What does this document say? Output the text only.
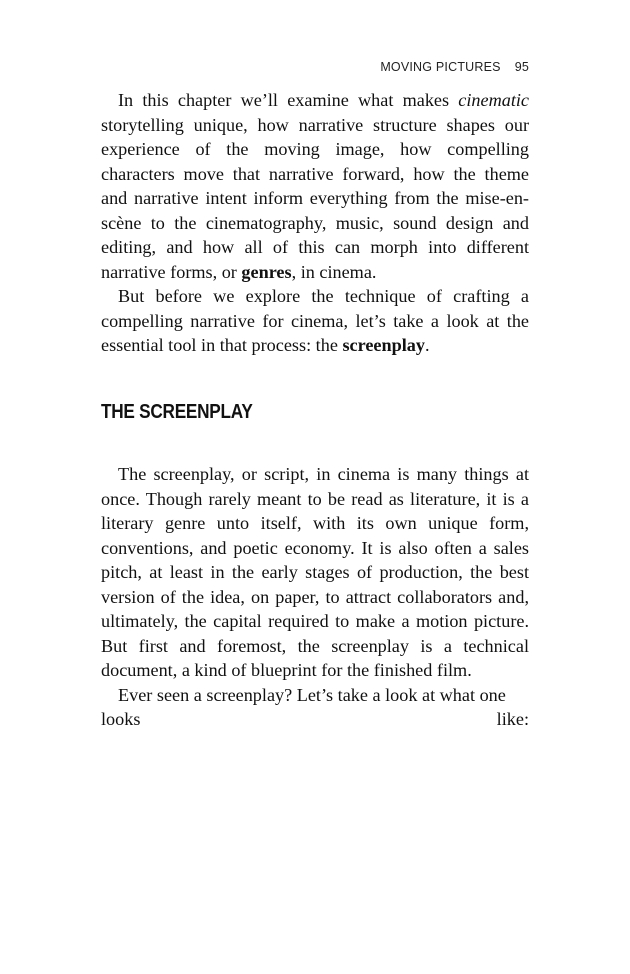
MOVING PICTURES 95

In this chapter we’ll examine what makes cinematic storytelling unique, how narrative structure shapes our experience of the moving image, how compelling characters move that narrative forward, how the theme and narrative intent inform everything from the mise-en-scène to the cinematography, music, sound design and editing, and how all of this can morph into different narrative forms, or genres, in cinema.

But before we explore the technique of crafting a compelling narrative for cinema, let’s take a look at the essential tool in that process: the screenplay.

THE SCREENPLAY

The screenplay, or script, in cinema is many things at once. Though rarely meant to be read as literature, it is a literary genre unto itself, with its own unique form, conventions, and poetic economy. It is also often a sales pitch, at least in the early stages of production, the best version of the idea, on paper, to attract collaborators and, ultimately, the capital required to make a motion picture. But first and foremost, the screenplay is a technical document, a kind of blueprint for the finished film.

Ever seen a screenplay? Let’s take a look at what one

looks	like:
